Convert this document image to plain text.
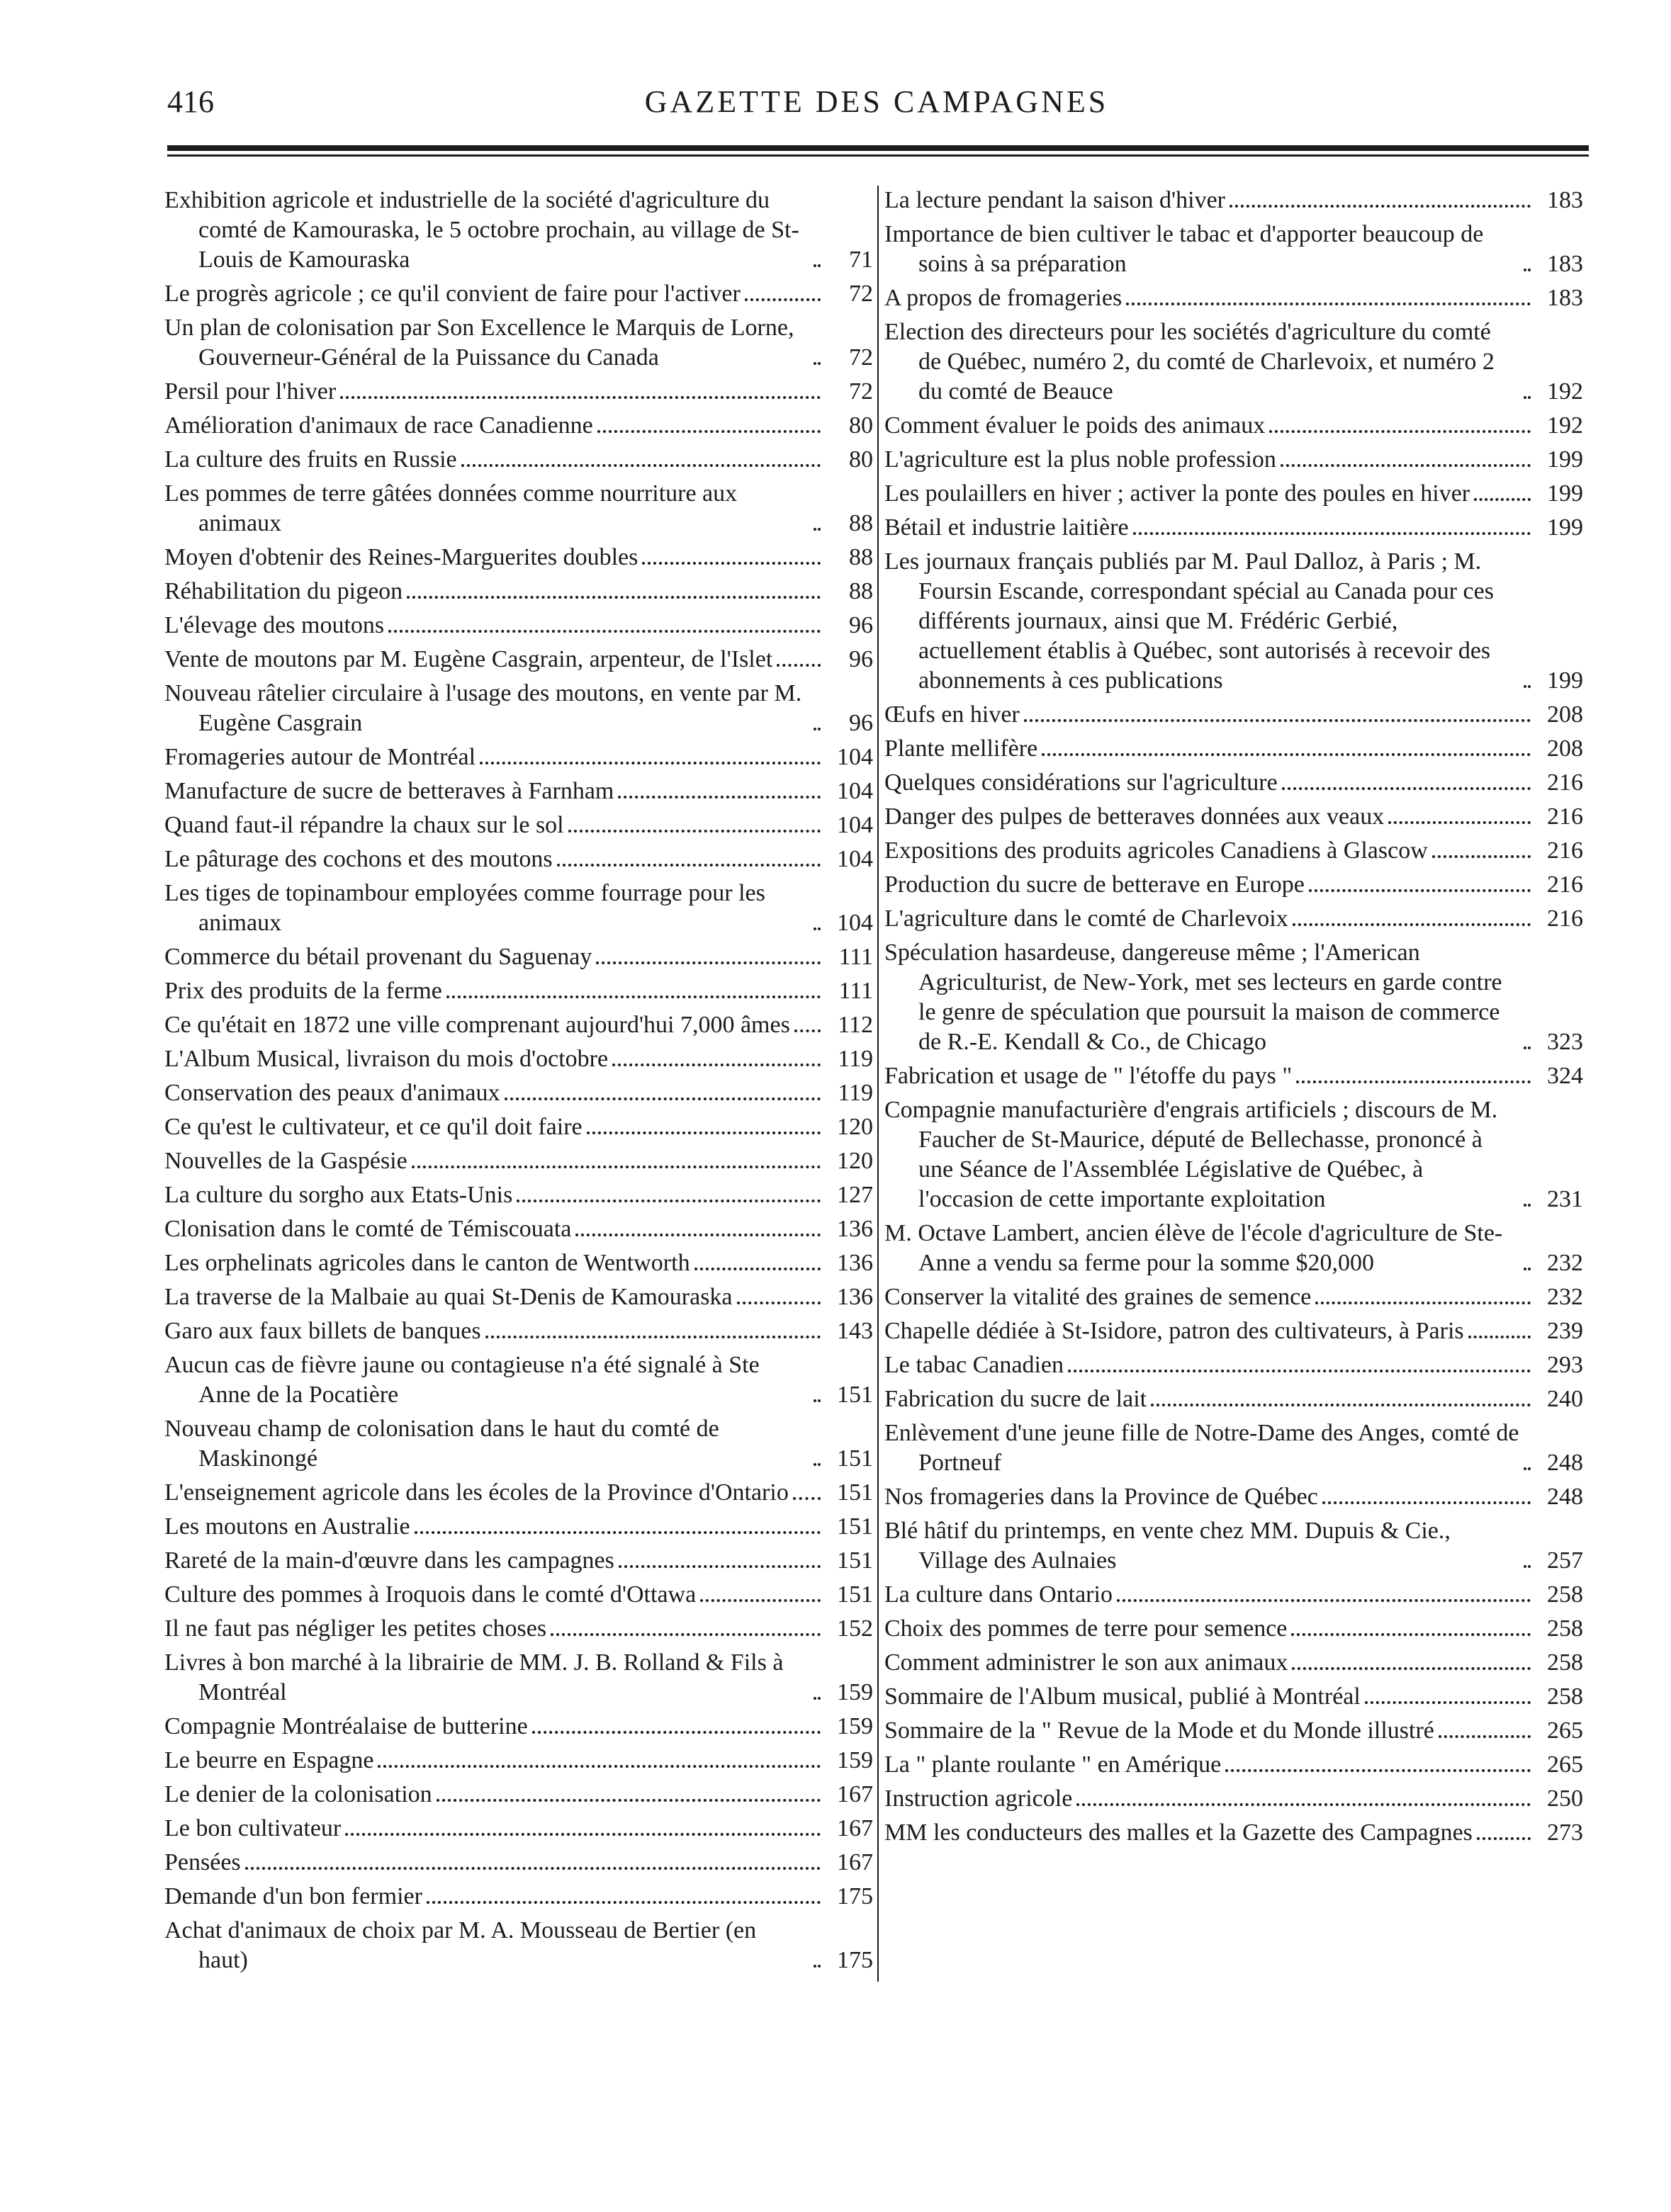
416	GAZETTE DES CAMPAGNES
Exhibition agricole et industrielle de la société d'agriculture du comté de Kamouraska, le 5 octobre prochain, au village de St-Louis de Kamouraska	71
Le progrès agricole ; ce qu'il convient de faire pour l'activer	72
Un plan de colonisation par Son Excellence le Marquis de Lorne, Gouverneur-Général de la Puissance du Canada	72
Persil pour l'hiver	72
Amélioration d'animaux de race Canadienne	80
La culture des fruits en Russie	80
Les pommes de terre gâtées données comme nourriture aux animaux	88
Moyen d'obtenir des Reines-Marguerites doubles	88
Réhabilitation du pigeon	88
L'élevage des moutons	96
Vente de moutons par M. Eugène Casgrain, arpenteur, de l'Islet	96
Nouveau râtelier circulaire à l'usage des moutons, en vente par M. Eugène Casgrain	96
Fromageries autour de Montréal	104
Manufacture de sucre de betteraves à Farnham	104
Quand faut-il répandre la chaux sur le sol	104
Le pâturage des cochons et des moutons	104
Les tiges de topinambour employées comme fourrage pour les animaux	104
Commerce du bétail provenant du Saguenay	111
Prix des produits de la ferme	111
Ce qu'était en 1872 une ville comprenant aujourd'hui 7,000 âmes	112
L'Album Musical, livraison du mois d'octobre	119
Conservation des peaux d'animaux	119
Ce qu'est le cultivateur, et ce qu'il doit faire	120
Nouvelles de la Gaspésie	120
La culture du sorgho aux Etats-Unis	127
Clonisation dans le comté de Témiscouata	136
Les orphelinats agricoles dans le canton de Wentworth	136
La traverse de la Malbaie au quai St-Denis de Kamouraska	136
Garo aux faux billets de banques	143
Aucun cas de fièvre jaune ou contagieuse n'a été signalé à Ste Anne de la Pocatière	151
Nouveau champ de colonisation dans le haut du comté de Maskinongé	151
L'enseignement agricole dans les écoles de la Province d'Ontario	151
Les moutons en Australie	151
Rareté de la main-d'œuvre dans les campagnes	151
Culture des pommes à Iroquois dans le comté d'Ottawa	151
Il ne faut pas négliger les petites choses	152
Livres à bon marché à la librairie de MM. J. B. Rolland & Fils à Montréal	159
Compagnie Montréalaise de butterine	159
Le beurre en Espagne	159
Le denier de la colonisation	167
Le bon cultivateur	167
Pensées	167
Demande d'un bon fermier	175
Achat d'animaux de choix par M. A. Mousseau de Bertier (en haut)	175
La lecture pendant la saison d'hiver	183
Importance de bien cultiver le tabac et d'apporter beaucoup de soins à sa préparation	183
A propos de fromageries	183
Election des directeurs pour les sociétés d'agriculture du comté de Québec, numéro 2, du comté de Charlevoix, et numéro 2 du comté de Beauce	192
Comment évaluer le poids des animaux	192
L'agriculture est la plus noble profession	199
Les poulaillers en hiver ; activer la ponte des poules en hiver	199
Bétail et industrie laitière	199
Les journaux français publiés par M. Paul Dalloz, à Paris ; M. Foursin Escande, correspondant spécial au Canada pour ces différents journaux, ainsi que M. Frédéric Gerbié, actuellement établis à Québec, sont autorisés à recevoir des abonnements à ces publications	199
Œufs en hiver	208
Plante mellifère	208
Quelques considérations sur l'agriculture	216
Danger des pulpes de betteraves données aux veaux	216
Expositions des produits agricoles Canadiens à Glascow	216
Production du sucre de betterave en Europe	216
L'agriculture dans le comté de Charlevoix	216
Spéculation hasardeuse, dangereuse même ; l'American Agriculturist, de New-York, met ses lecteurs en garde contre le genre de spéculation que poursuit la maison de commerce de R.-E. Kendall & Co., de Chicago	323
Fabrication et usage de " l'étoffe du pays "	324
Compagnie manufacturière d'engrais artificiels ; discours de M. Faucher de St-Maurice, député de Bellechasse, prononcé à une Séance de l'Assemblée Législative de Québec, à l'occasion de cette importante exploitation	231
M. Octave Lambert, ancien élève de l'école d'agriculture de Ste-Anne a vendu sa ferme pour la somme $20,000	232
Conserver la vitalité des graines de semence	232
Chapelle dédiée à St-Isidore, patron des cultivateurs, à Paris	239
Le tabac Canadien	293
Fabrication du sucre de lait	240
Enlèvement d'une jeune fille de Notre-Dame des Anges, comté de Portneuf	248
Nos fromageries dans la Province de Québec	248
Blé hâtif du printemps, en vente chez MM. Dupuis & Cie., Village des Aulnaies	257
La culture dans Ontario	258
Choix des pommes de terre pour semence	258
Comment administrer le son aux animaux	258
Sommaire de l'Album musical, publié à Montréal	258
Sommaire de la " Revue de la Mode et du Monde illustré	265
La " plante roulante " en Amérique	265
Instruction agricole	250
MM les conducteurs des malles et la Gazette des Campagnes	273
